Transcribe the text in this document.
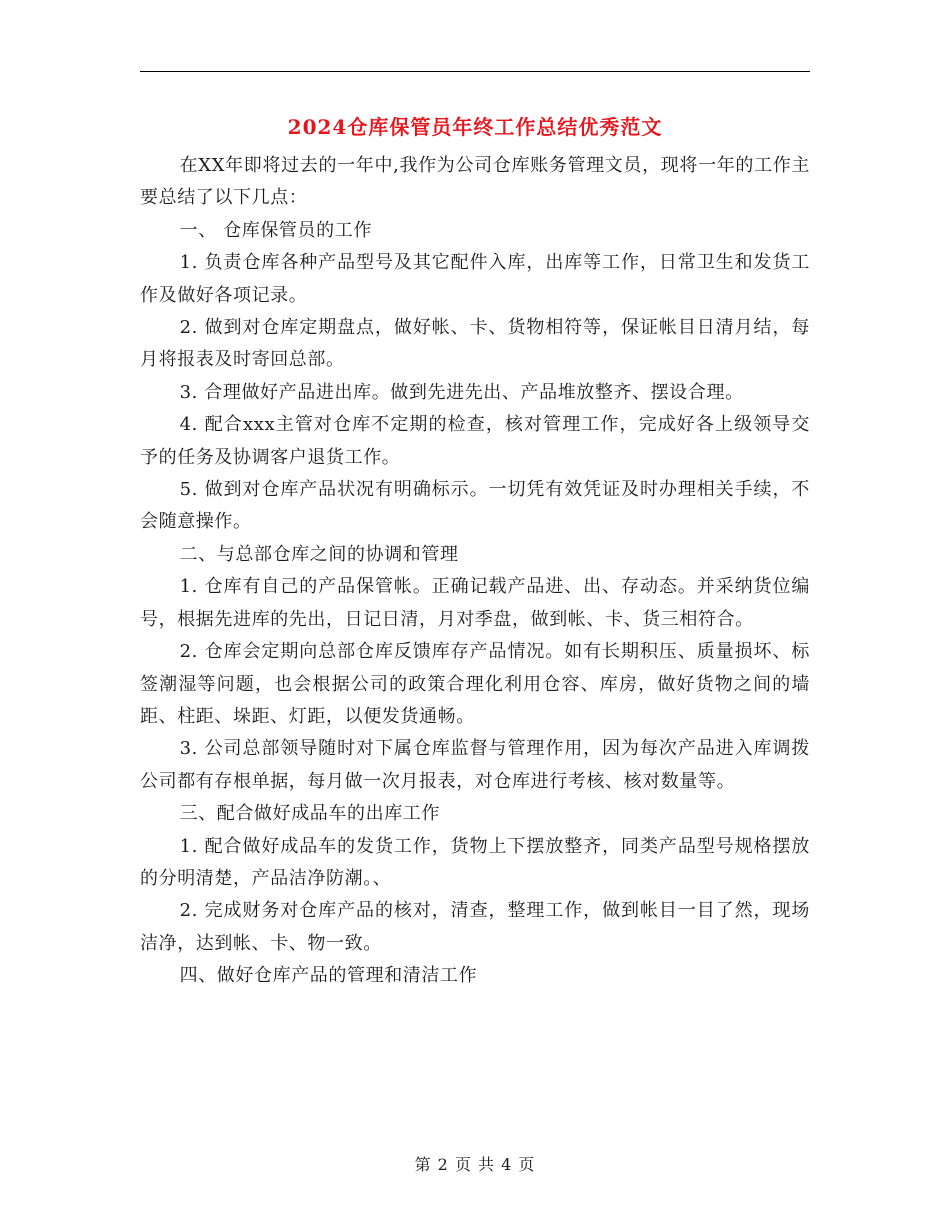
2024仓库保管员年终工作总结优秀范文

在XX年即将过去的一年中,我作为公司仓库账务管理文员，现将一年的工作主要总结了以下几点：

一、 仓库保管员的工作

1. 负责仓库各种产品型号及其它配件入库，出库等工作，日常卫生和发货工作及做好各项记录。

2. 做到对仓库定期盘点，做好帐、卡、货物相符等，保证帐目日清月结，每月将报表及时寄回总部。

3. 合理做好产品进出库。做到先进先出、产品堆放整齐、摆设合理。

4. 配合xxx主管对仓库不定期的检查，核对管理工作，完成好各上级领导交予的任务及协调客户退货工作。

5. 做到对仓库产品状况有明确标示。一切凭有效凭证及时办理相关手续，不会随意操作。

二、与总部仓库之间的协调和管理

1. 仓库有自己的产品保管帐。正确记载产品进、出、存动态。并采纳货位编号，根据先进库的先出，日记日清，月对季盘，做到帐、卡、货三相符合。

2. 仓库会定期向总部仓库反馈库存产品情况。如有长期积压、质量损坏、标签潮湿等问题，也会根据公司的政策合理化利用仓容、库房，做好货物之间的墙距、柱距、垛距、灯距，以便发货通畅。

3. 公司总部领导随时对下属仓库监督与管理作用，因为每次产品进入库调拨公司都有存根单据，每月做一次月报表，对仓库进行考核、核对数量等。

三、配合做好成品车的出库工作

1. 配合做好成品车的发货工作，货物上下摆放整齐，同类产品型号规格摆放的分明清楚，产品洁净防潮。、

2. 完成财务对仓库产品的核对，清查，整理工作，做到帐目一目了然，现场洁净，达到帐、卡、物一致。

四、做好仓库产品的管理和清洁工作

第 2 页 共 4 页
